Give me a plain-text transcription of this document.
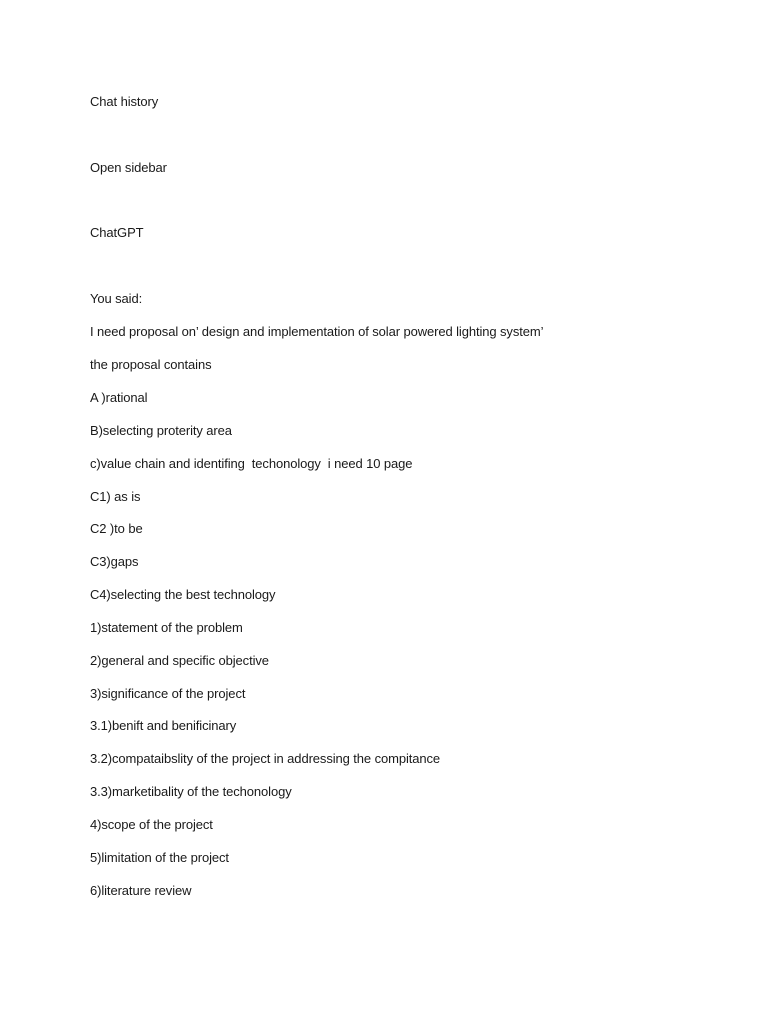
Chat history
Open sidebar
ChatGPT
You said:
I need proposal on’ design and implementation of solar powered lighting system’
the proposal contains
A )rational
B)selecting proterity area
c)value chain and identifing  techonology  i need 10 page
C1) as is
C2 )to be
C3)gaps
C4)selecting the best technology
1)statement of the problem
2)general and specific objective
3)significance of the project
3.1)benift and benificinary
3.2)compataibslity of the project in addressing the compitance
3.3)marketibality of the techonology
4)scope of the project
5)limitation of the project
6)literature review
